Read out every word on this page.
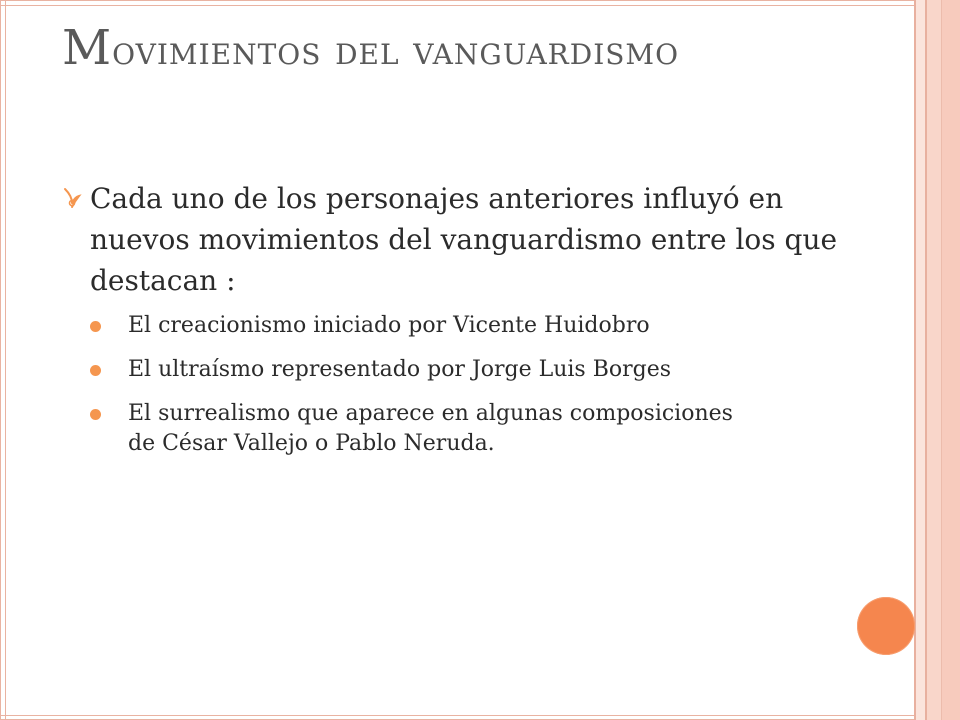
Movimientos del vanguardismo
Cada uno de los personajes anteriores influyó en nuevos movimientos del vanguardismo entre los que destacan :
El creacionismo iniciado por Vicente Huidobro
El ultraísmo representado por Jorge Luis Borges
El surrealismo que aparece en algunas composiciones de César Vallejo o Pablo Neruda.
